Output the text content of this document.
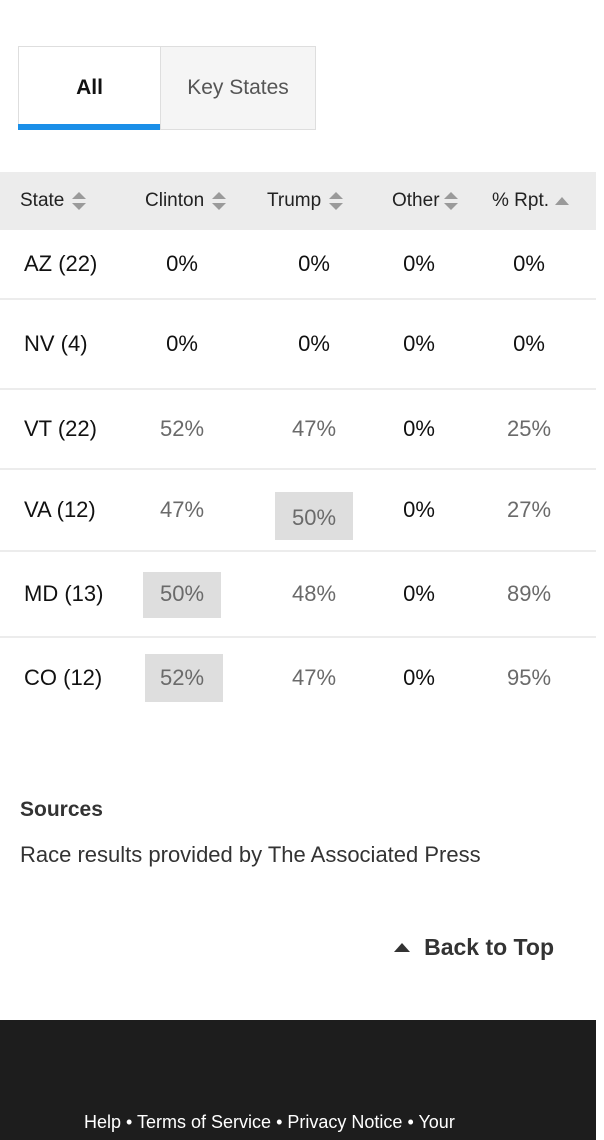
All	Key States
State	Clinton	Trump	Other	% Rpt.
AZ (22)	0%	0%	0%	0%
NV (4)	0%	0%	0%	0%
VT (22)	52%	47%	0%	25%
VA (12)	47%	50%	0%	27%
MD (13)	50%	48%	0%	89%
CO (12)	52%	47%	0%	95%
Sources
Race results provided by The Associated Press
Back to Top
Help • Terms of Service • Privacy Notice • Your
